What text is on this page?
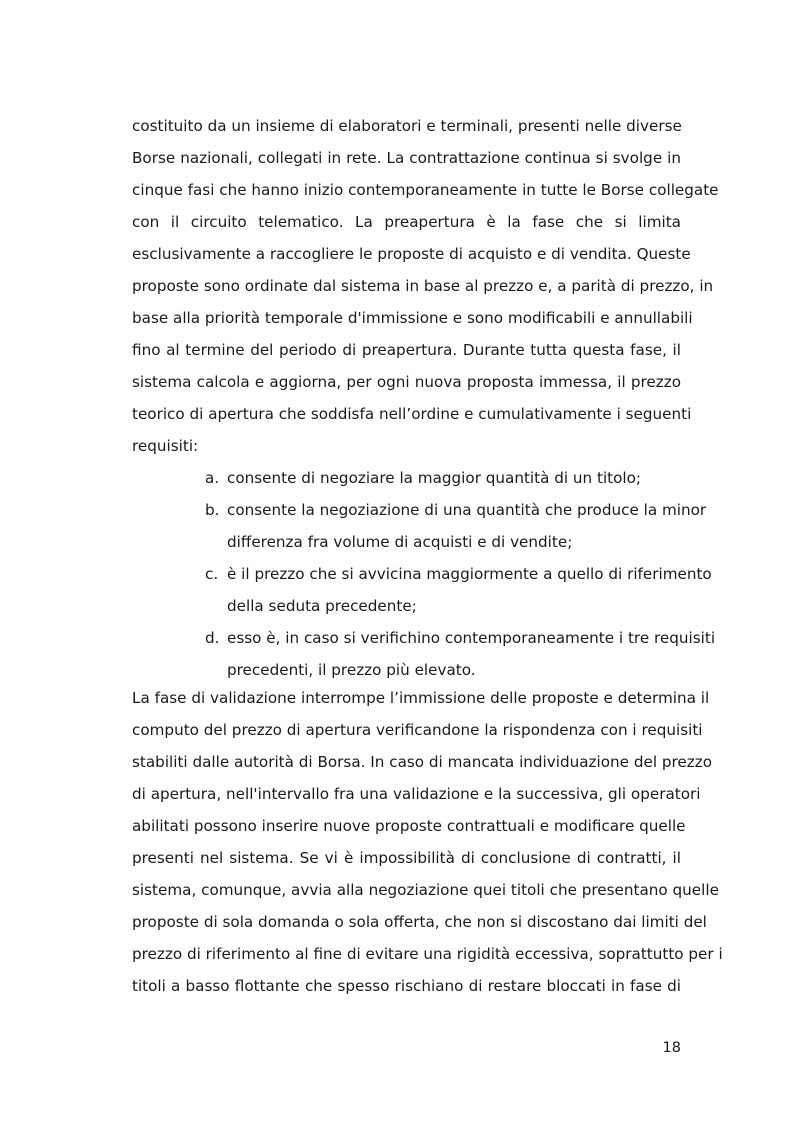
costituito da un insieme di elaboratori e terminali, presenti nelle diverse
Borse nazionali, collegati in rete. La contrattazione continua si svolge in
cinque fasi che hanno inizio contemporaneamente in tutte le Borse collegate
con il circuito telematico. La preapertura è la fase che si limita
esclusivamente a raccogliere le proposte di acquisto e di vendita. Queste
proposte sono ordinate dal sistema in base al prezzo e, a parità di prezzo, in
base alla priorità temporale d'immissione e sono modificabili e annullabili
fino al termine del periodo di preapertura. Durante tutta questa fase, il
sistema calcola e aggiorna, per ogni nuova proposta immessa, il prezzo
teorico di apertura che soddisfa nell’ordine e cumulativamente i seguenti
requisiti:
a. consente di negoziare la maggior quantità di un titolo;
b. consente la negoziazione di una quantità che produce la minor
differenza fra volume di acquisti e di vendite;
c. è il prezzo che si avvicina maggiormente a quello di riferimento
della seduta precedente;
d. esso è, in caso si verifichino contemporaneamente i tre requisiti
precedenti, il prezzo più elevato.
La fase di validazione interrompe l’immissione delle proposte e determina il
computo del prezzo di apertura verificandone la rispondenza con i requisiti
stabiliti dalle autorità di Borsa. In caso di mancata individuazione del prezzo
di apertura, nell'intervallo fra una validazione e la successiva, gli operatori
abilitati possono inserire nuove proposte contrattuali e modificare quelle
presenti nel sistema. Se vi è impossibilità di conclusione di contratti, il
sistema, comunque, avvia alla negoziazione quei titoli che presentano quelle
proposte di sola domanda o sola offerta, che non si discostano dai limiti del
prezzo di riferimento al fine di evitare una rigidità eccessiva, soprattutto per i
titoli a basso flottante che spesso rischiano di restare bloccati in fase di
18
